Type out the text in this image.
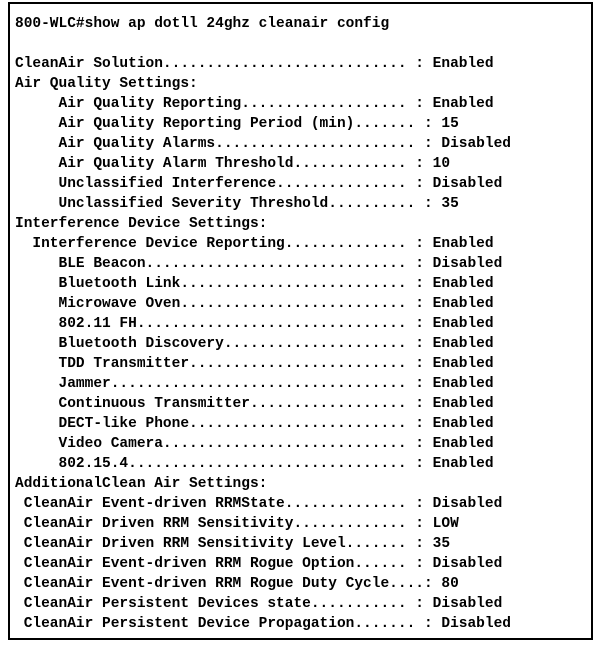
800-WLC#show ap dotll 24ghz cleanair config
CleanAir Solution............................ : Enabled
Air Quality Settings:
Air Quality Reporting................... : Enabled
Air Quality Reporting Period (min)....... : 15
Air Quality Alarms....................... : Disabled
Air Quality Alarm Threshold............. : 10
Unclassified Interference............... : Disabled
Unclassified Severity Threshold.......... : 35
Interference Device Settings:
Interference Device Reporting.............. : Enabled
BLE Beacon.............................. : Disabled
Bluetooth Link.......................... : Enabled
Microwave Oven.......................... : Enabled
802.11 FH............................... : Enabled
Bluetooth Discovery..................... : Enabled
TDD Transmitter......................... : Enabled
Jammer.................................. : Enabled
Continuous Transmitter.................. : Enabled
DECT-like Phone......................... : Enabled
Video Camera............................ : Enabled
802.15.4................................ : Enabled
AdditionalClean Air Settings:
CleanAir Event-driven RRMState.............. : Disabled
CleanAir Driven RRM Sensitivity............. : LOW
CleanAir Driven RRM Sensitivity Level....... : 35
CleanAir Event-driven RRM Rogue Option...... : Disabled
CleanAir Event-driven RRM Rogue Duty Cycle....: 80
CleanAir Persistent Devices state........... : Disabled
CleanAir Persistent Device Propagation....... : Disabled
